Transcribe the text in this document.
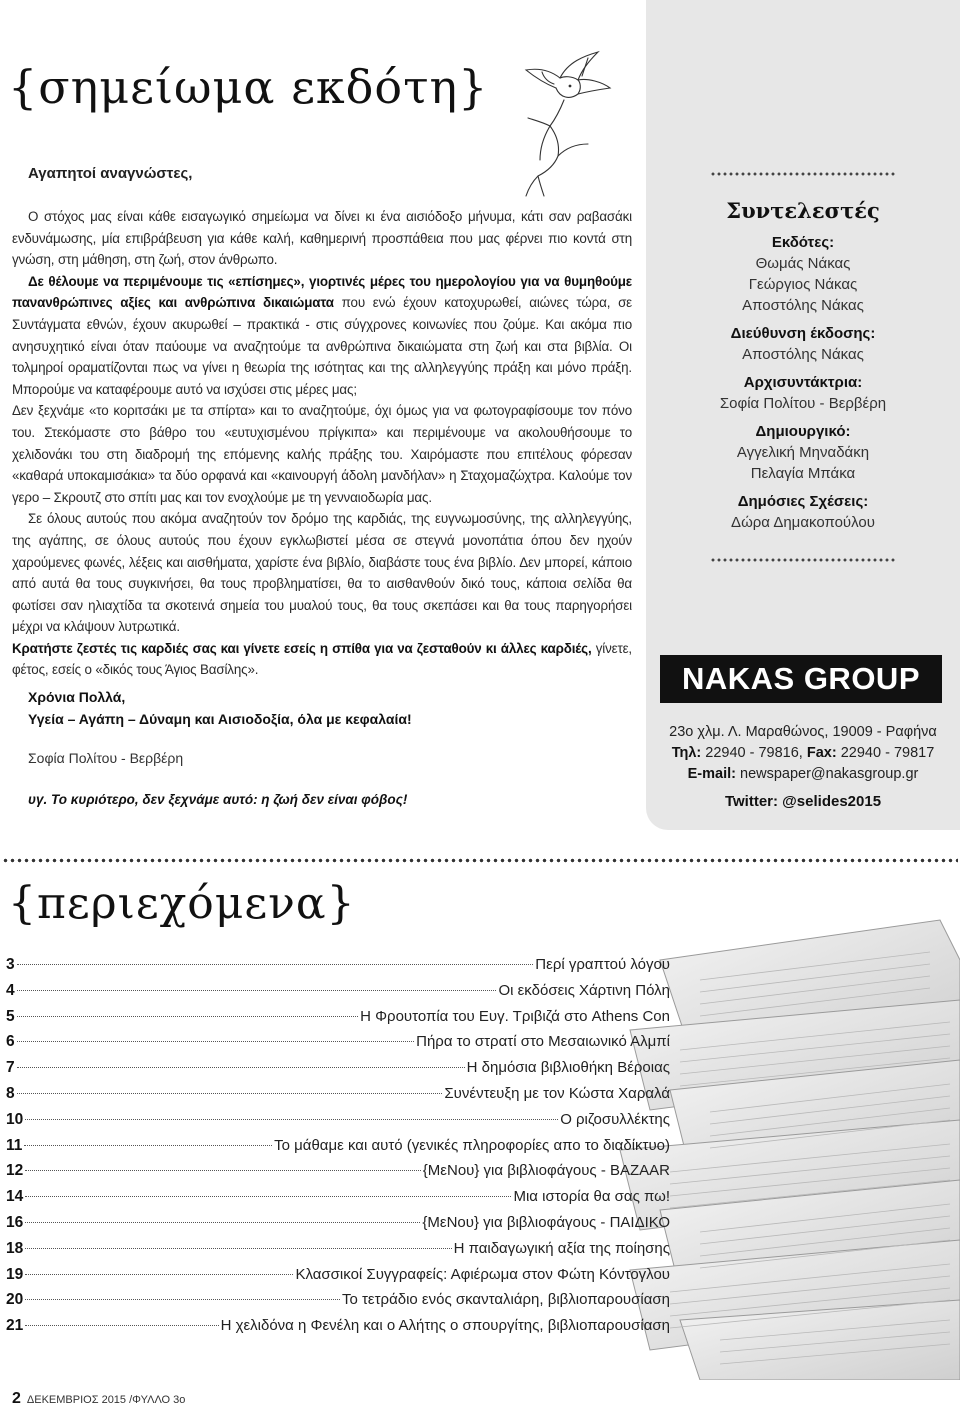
{σημείωμα εκδότη}
Αγαπητοί αναγνώστες,

Ο στόχος μας είναι κάθε εισαγωγικό σημείωμα να δίνει κι ένα αισιόδοξο μήνυμα, κάτι σαν ραβασάκι ενδυνάμωσης, μία επιβράβευση για κάθε καλή, καθημερινή προσπάθεια που μας φέρνει πιο κοντά στη γνώση, στη μάθηση, στη ζωή, στον άνθρωπο.

Δε θέλουμε να περιμένουμε τις «επίσημες», γιορτινές μέρες του ημερολογίου για να θυμηθούμε πανανθρώπινες αξίες και ανθρώπινα δικαιώματα που ενώ έχουν κατοχυρωθεί, αιώνες τώρα, σε Συντάγματα εθνών, έχουν ακυρωθεί – πρακτικά - στις σύγχρονες κοινωνίες που ζούμε. Και ακόμα πιο ανησυχητικό είναι όταν παύουμε να αναζητούμε τα ανθρώπινα δικαιώματα στη ζωή και στα βιβλία. Οι τολμηροί οραματίζονται πως να γίνει η θεωρία της ισότητας και της αλληλεγγύης πράξη και μόνο πράξη. Μπορούμε να καταφέρουμε αυτό να ισχύσει στις μέρες μας;

Δεν ξεχνάμε «το κοριτσάκι με τα σπίρτα» και το αναζητούμε, όχι όμως για να φωτογραφίσουμε τον πόνο του. Στεκόμαστε στο βάθρο του «ευτυχισμένου πρίγκιπα» και περιμένουμε να ακολουθήσουμε το χελιδονάκι του στη διαδρομή της επόμενης καλής πράξης του. Χαιρόμαστε που επιτέλους φόρεσαν «καθαρά υποκαμισάκια» τα δύο ορφανά και «καινουργή άδολη μανδήλαν» η Σταχομαζώχτρα. Καλούμε τον γερο – Σκρουτζ στο σπίτι μας και τον ενοχλούμε με τη γενναιοδωρία μας.

Σε όλους αυτούς που ακόμα αναζητούν τον δρόμο της καρδιάς, της ευγνωμοσύνης, της αλληλεγγύης, της αγάπης, σε όλους αυτούς που έχουν εγκλωβιστεί μέσα σε στεγνά μονοπάτια όπου δεν ηχούν χαρούμενες φωνές, λέξεις και αισθήματα, χαρίστε ένα βιβλίο, διαβάστε τους ένα βιβλίο. Δεν μπορεί, κάποιο από αυτά θα τους συγκινήσει, θα τους προβληματίσει, θα το αισθανθούν δικό τους, κάποια σελίδα θα φωτίσει σαν ηλιαχτίδα τα σκοτεινά σημεία του μυαλού τους, θα τους σκεπάσει και θα τους παρηγορήσει μέχρι να κλάψουν λυτρωτικά.

Κρατήστε ζεστές τις καρδιές σας και γίνετε εσείς η σπίθα για να ζεσταθούν κι άλλες καρδιές, γίνετε, φέτος, εσείς ο «δικός τους Άγιος Βασίλης».

Χρόνια Πολλά,
Υγεία – Αγάπη – Δύναμη και Αισιοδοξία, όλα με κεφαλαία!
Σοφία Πολίτου - Βερβέρη
υγ. Το κυριότερο, δεν ξεχνάμε αυτό: η ζωή δεν είναι φόβος!
Συντελεστές
Εκδότες:
Θωμάς Νάκας
Γεώργιος Νάκας
Αποστόλης Νάκας
Διεύθυνση έκδοσης:
Αποστόλης Νάκας
Αρχισυντάκτρια:
Σοφία Πολίτου - Βερβέρη
Δημιουργικό:
Αγγελική Μηναδάκη
Πελαγία Μπάκα
Δημόσιες Σχέσεις:
Δώρα Δημακοπούλου
NAKAS GROUP
23ο χλμ. Λ. Μαραθώνος, 19009 - Ραφήνα
Τηλ: 22940 - 79816, Fax: 22940 - 79817
E-mail: newspaper@nakasgroup.gr
Twitter: @selides2015
{περιεχόμενα}
3	Περί γραπτού λόγου
4	Οι εκδόσεις Χάρτινη Πόλη
5	Η Φρουτοπία του Ευγ. Τριβιζά στο Athens Con
6	Πήρα το στρατί στο Μεσαιωνικό Αλμπί
7	Η δημόσια βιβλιοθήκη Βέροιας
8	Συνέντευξη με τον Κώστα Χαραλά
10	Ο ριζοσυλλέκτης
11	Το μάθαμε και αυτό (γενικές πληροφορίες απο το διαδίκτυο)
12	{ΜεΝου} για βιβλιοφάγους - BAZAAR
14	Μια ιστορία θα σας πω!
16	{ΜεΝου} για βιβλιοφάγους - ΠΑΙΔΙΚΟ
18	Η παιδαγωγική αξία της ποίησης
19	Κλασσικοί Συγγραφείς: Αφιέρωμα στον Φώτη Κόντογλου
20	Το τετράδιο ενός σκανταλιάρη, βιβλιοπαρουσίαση
21	Η χελιδόνα η Φενέλη και ο Αλήτης ο σπουργίτης, βιβλιοπαρουσίαση
2 ΔΕΚΕΜΒΡΙΟΣ 2015 /ΦΥΛΛΟ 3ο
